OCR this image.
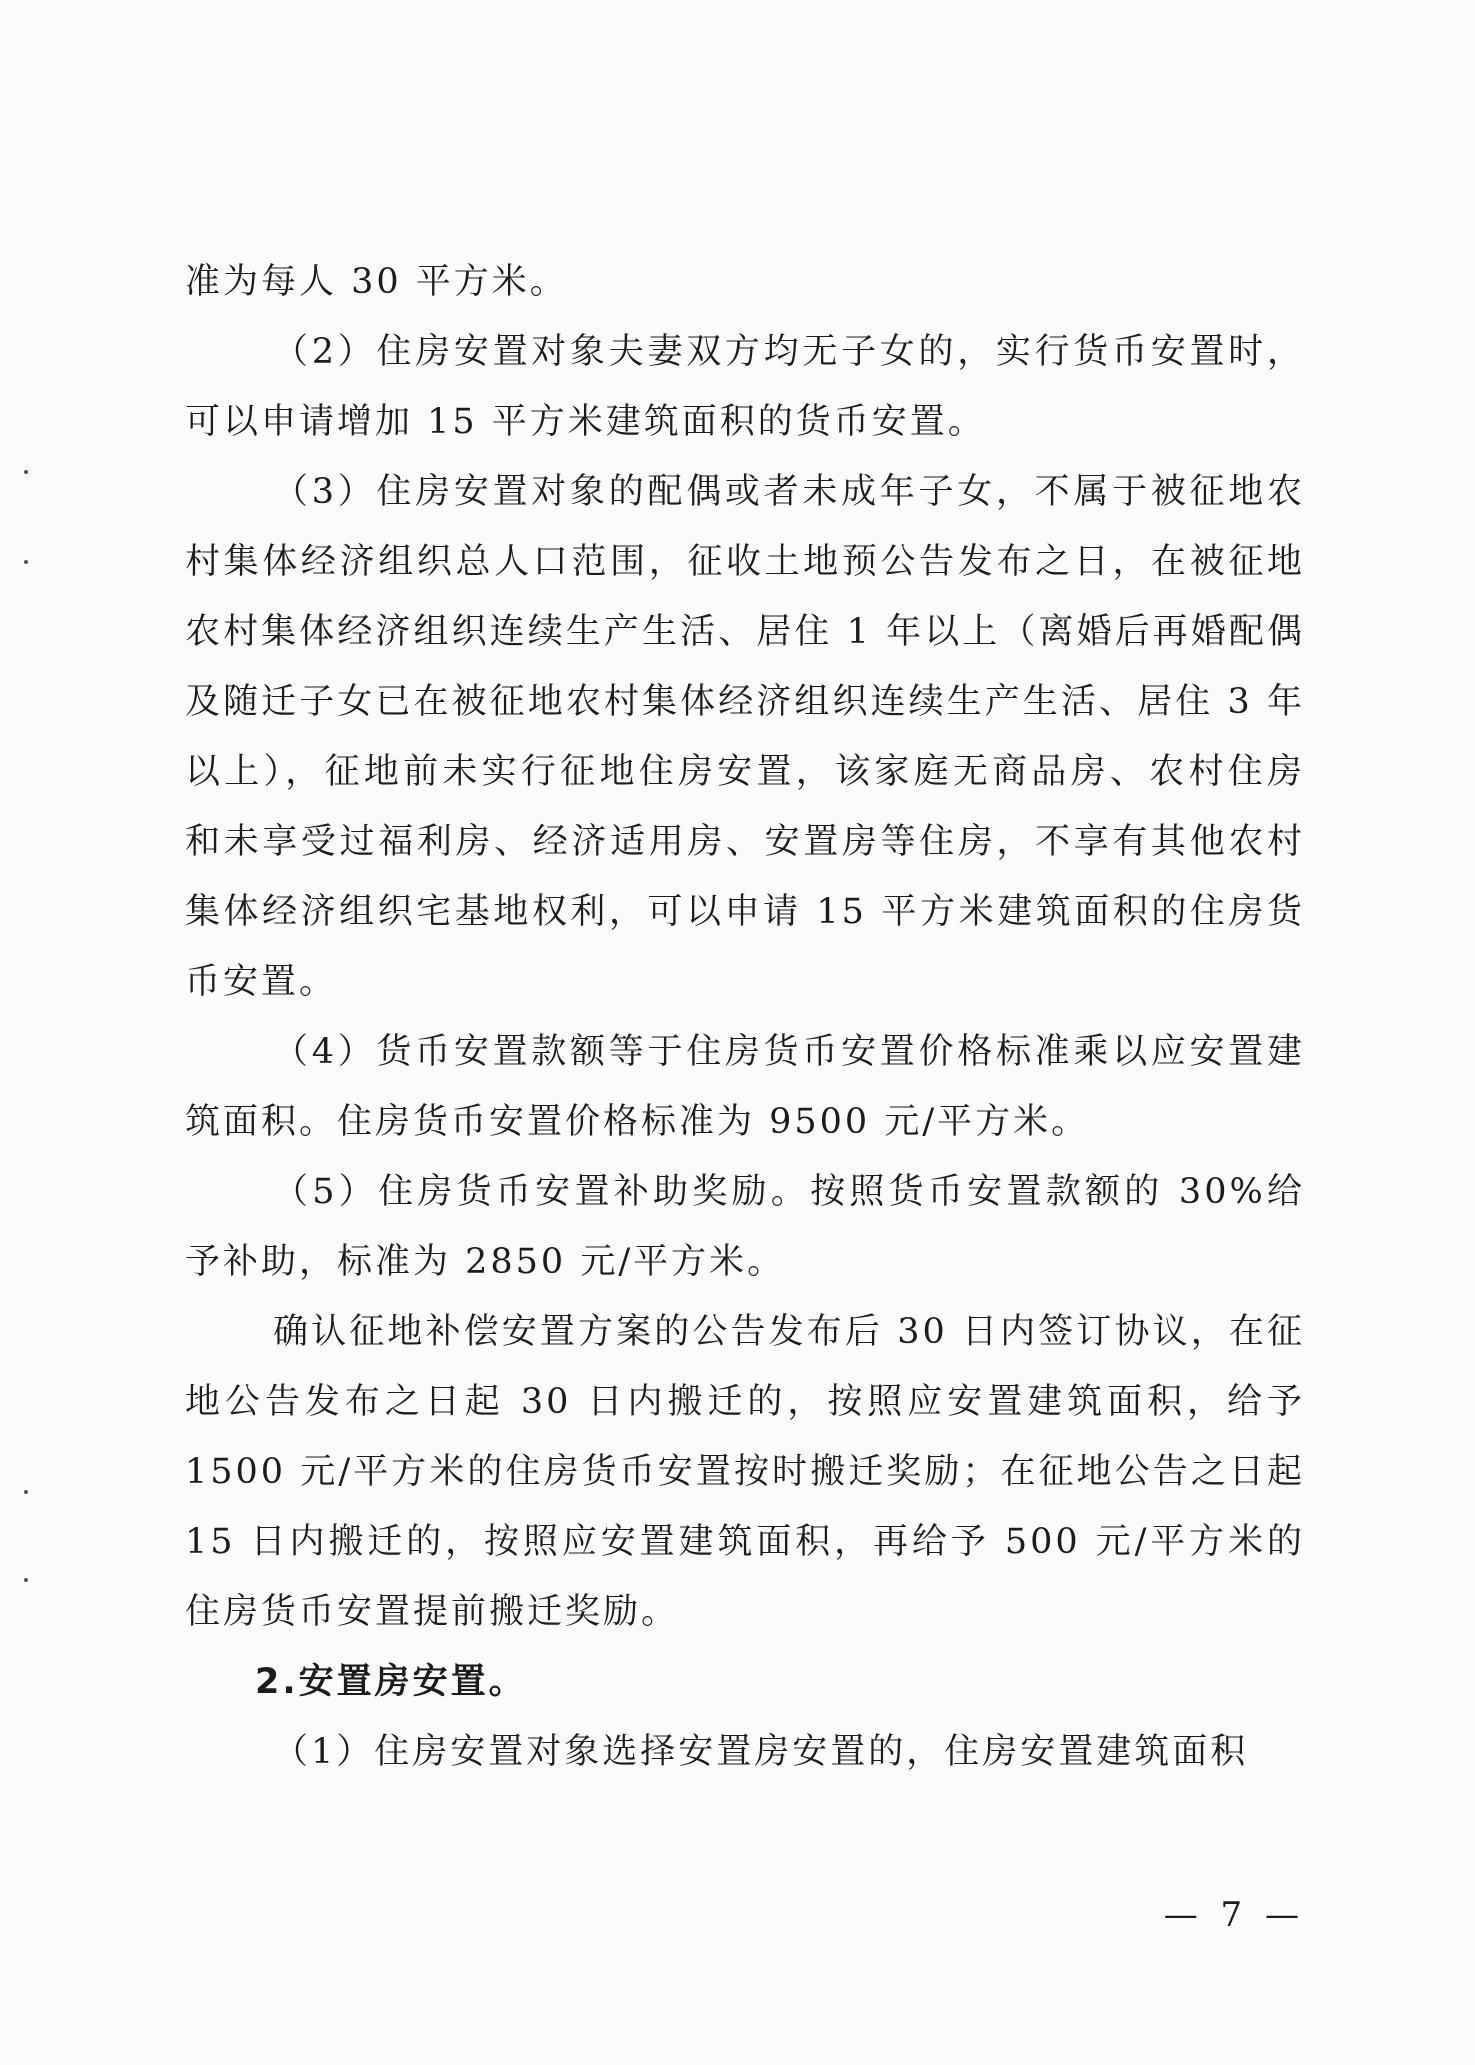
准为每人 30 平方米。

（2）住房安置对象夫妻双方均无子女的，实行货币安置时，可以申请增加 15 平方米建筑面积的货币安置。

（3）住房安置对象的配偶或者未成年子女，不属于被征地农村集体经济组织总人口范围，征收土地预公告发布之日，在被征地农村集体经济组织连续生产生活、居住 1 年以上（离婚后再婚配偶及随迁子女已在被征地农村集体经济组织连续生产生活、居住 3 年以上），征地前未实行征地住房安置，该家庭无商品房、农村住房和未享受过福利房、经济适用房、安置房等住房，不享有其他农村集体经济组织宅基地权利，可以申请 15 平方米建筑面积的住房货币安置。

（4）货币安置款额等于住房货币安置价格标准乘以应安置建筑面积。住房货币安置价格标准为 9500 元/平方米。

（5）住房货币安置补助奖励。按照货币安置款额的 30%给予补助，标准为 2850 元/平方米。

确认征地补偿安置方案的公告发布后 30 日内签订协议，在征地公告发布之日起 30 日内搬迁的，按照应安置建筑面积，给予 1500 元/平方米的住房货币安置按时搬迁奖励；在征地公告之日起 15 日内搬迁的，按照应安置建筑面积，再给予 500 元/平方米的住房货币安置提前搬迁奖励。

2.安置房安置。

（1）住房安置对象选择安置房安置的，住房安置建筑面积

— 7 —
